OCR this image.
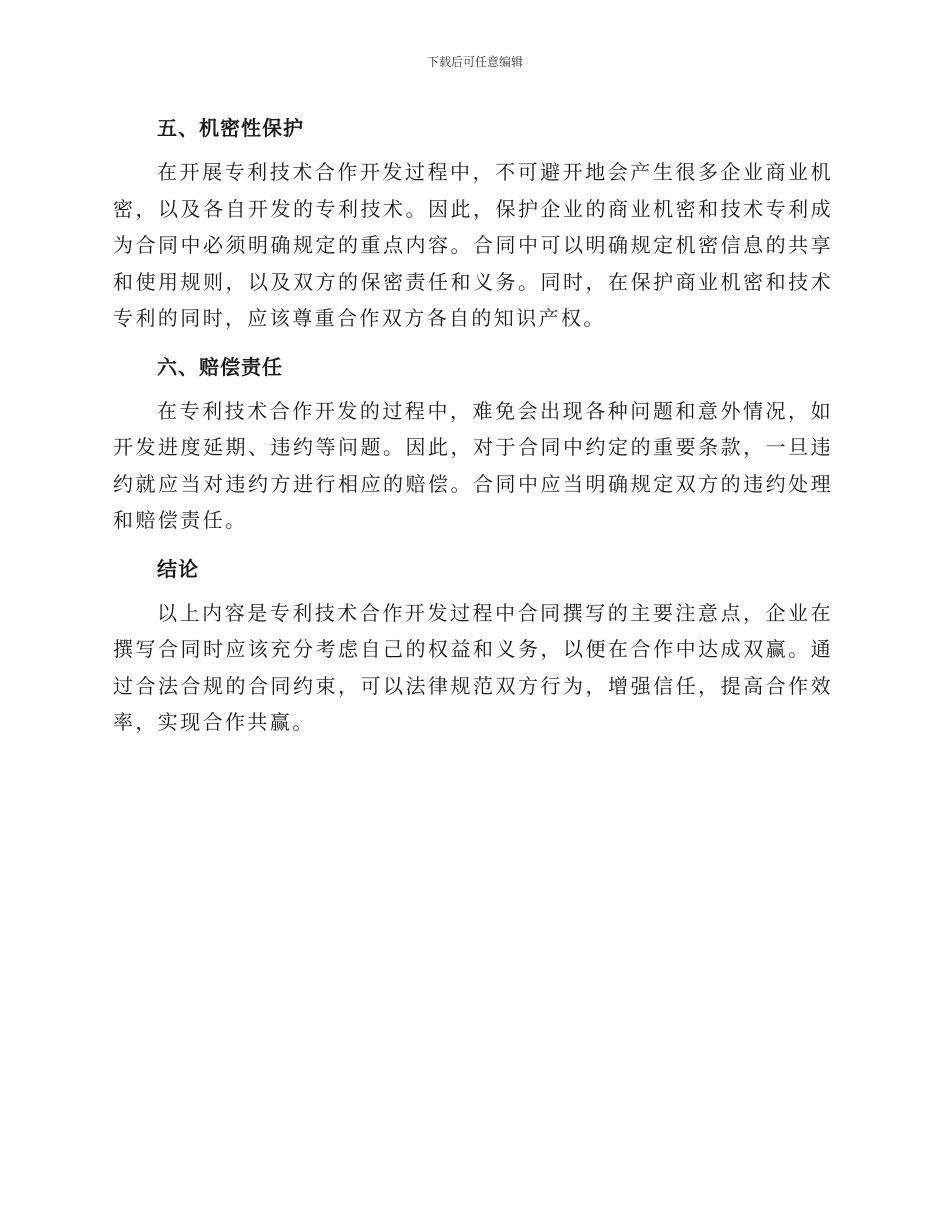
下载后可任意编辑
五、机密性保护

在开展专利技术合作开发过程中，不可避开地会产生很多企业商业机密，以及各自开发的专利技术。因此，保护企业的商业机密和技术专利成为合同中必须明确规定的重点内容。合同中可以明确规定机密信息的共享和使用规则，以及双方的保密责任和义务。同时，在保护商业机密和技术专利的同时，应该尊重合作双方各自的知识产权。

六、赔偿责任

在专利技术合作开发的过程中，难免会出现各种问题和意外情况，如开发进度延期、违约等问题。因此，对于合同中约定的重要条款，一旦违约就应当对违约方进行相应的赔偿。合同中应当明确规定双方的违约处理和赔偿责任。

结论

以上内容是专利技术合作开发过程中合同撰写的主要注意点，企业在撰写合同时应该充分考虑自己的权益和义务，以便在合作中达成双赢。通过合法合规的合同约束，可以法律规范双方行为，增强信任，提高合作效率，实现合作共赢。
